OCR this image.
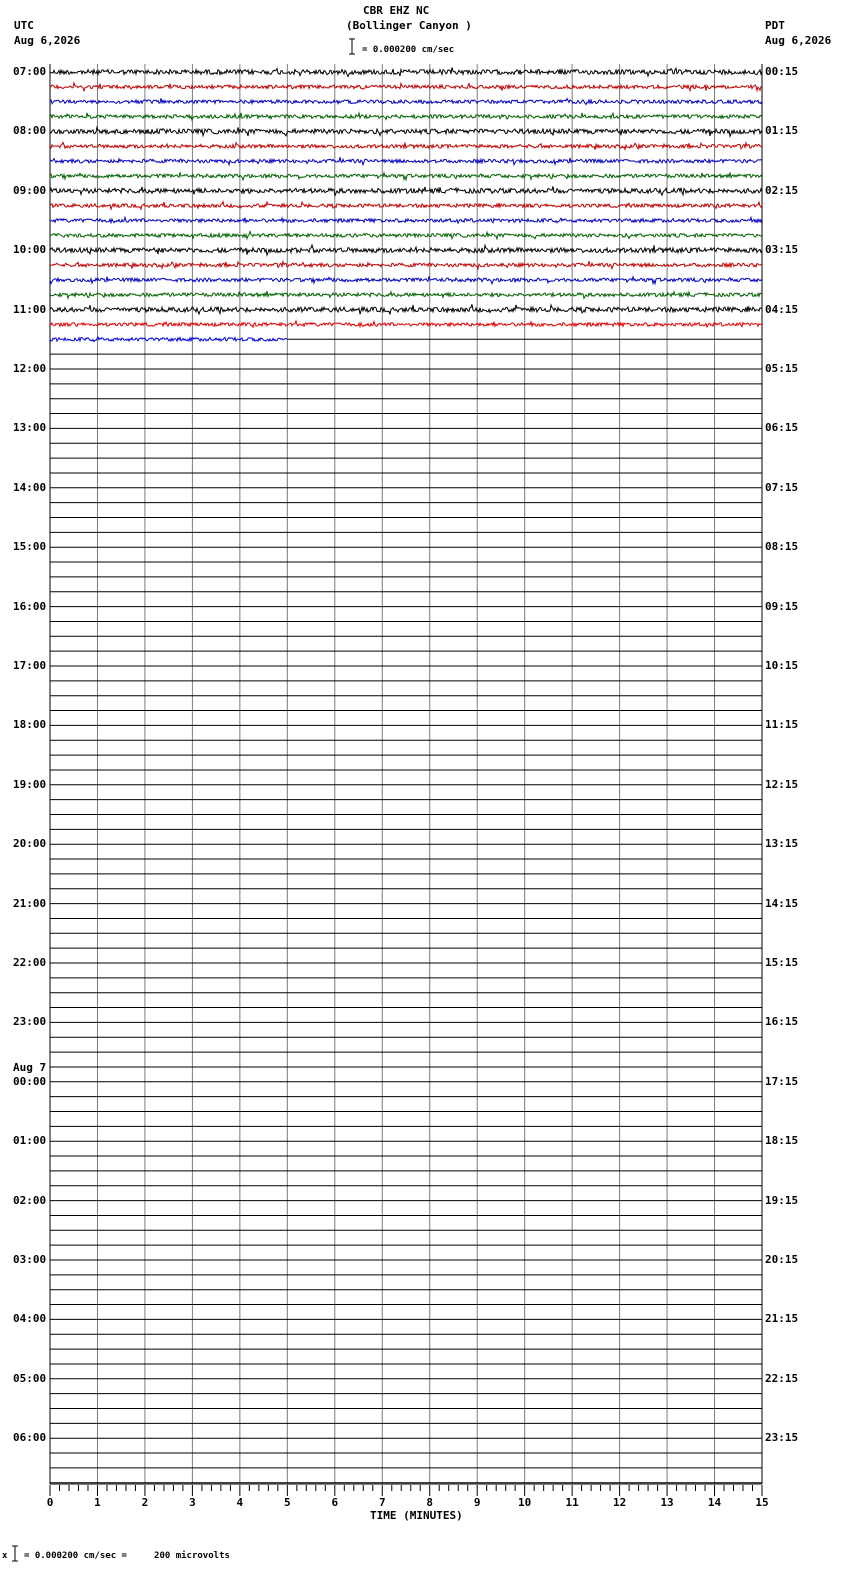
CBR EHZ NC
(Bollinger Canyon )
UTC
Aug 6,2026
PDT
Aug 6,2026
= 0.000200 cm/sec
0	1	2	3	4	5	6	7	8	9	10	11	12	13	14	15
07:00
08:00
09:00
10:00
11:00
12:00
13:00
14:00
15:00
16:00
17:00
18:00
19:00
20:00
21:00
22:00
23:00
00:00
01:00
02:00
03:00
04:00
05:00
06:00
00:15
01:15
02:15
03:15
04:15
05:15
06:15
07:15
08:15
09:15
10:15
11:15
12:15
13:15
14:15
15:15
16:15
17:15
18:15
19:15
20:15
21:15
22:15
23:15
Aug 7
TIME (MINUTES)
x = 0.000200 cm/sec =     200 microvolts
